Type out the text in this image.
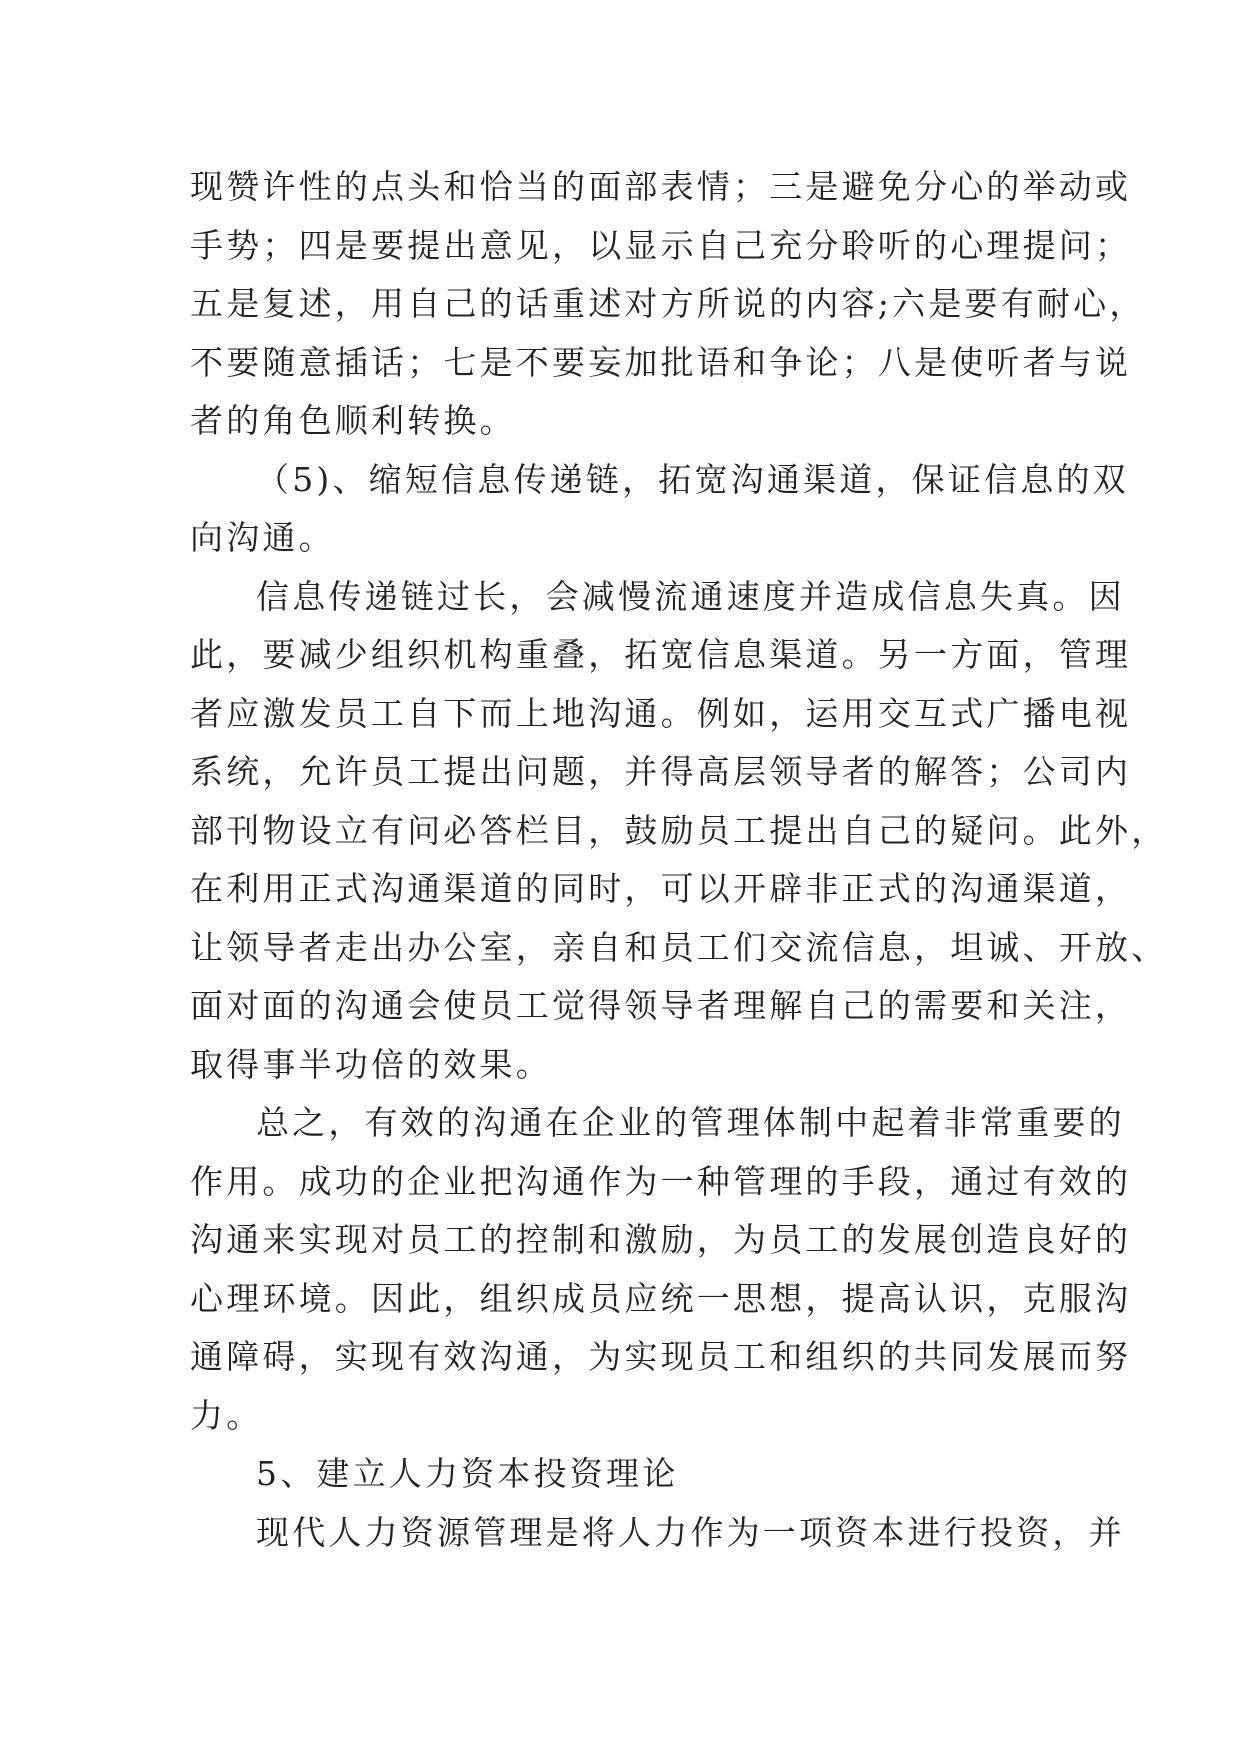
现赞许性的点头和恰当的面部表情；三是避免分心的举动或
手势；四是要提出意见，以显示自己充分聆听的心理提问；
五是复述，用自己的话重述对方所说的内容;六是要有耐心，
不要随意插话；七是不要妄加批语和争论；八是使听者与说
者的角色顺利转换。
（5)、缩短信息传递链，拓宽沟通渠道，保证信息的双
向沟通。
信息传递链过长，会减慢流通速度并造成信息失真。因
此，要减少组织机构重叠，拓宽信息渠道。另一方面，管理
者应激发员工自下而上地沟通。例如，运用交互式广播电视
系统，允许员工提出问题，并得高层领导者的解答；公司内
部刊物设立有问必答栏目，鼓励员工提出自己的疑问。此外，
在利用正式沟通渠道的同时，可以开辟非正式的沟通渠道，
让领导者走出办公室，亲自和员工们交流信息，坦诚、开放、
面对面的沟通会使员工觉得领导者理解自己的需要和关注，
取得事半功倍的效果。
总之，有效的沟通在企业的管理体制中起着非常重要的
作用。成功的企业把沟通作为一种管理的手段，通过有效的
沟通来实现对员工的控制和激励，为员工的发展创造良好的
心理环境。因此，组织成员应统一思想，提高认识，克服沟
通障碍，实现有效沟通，为实现员工和组织的共同发展而努
力。
5、建立人力资本投资理论
现代人力资源管理是将人力作为一项资本进行投资，并
